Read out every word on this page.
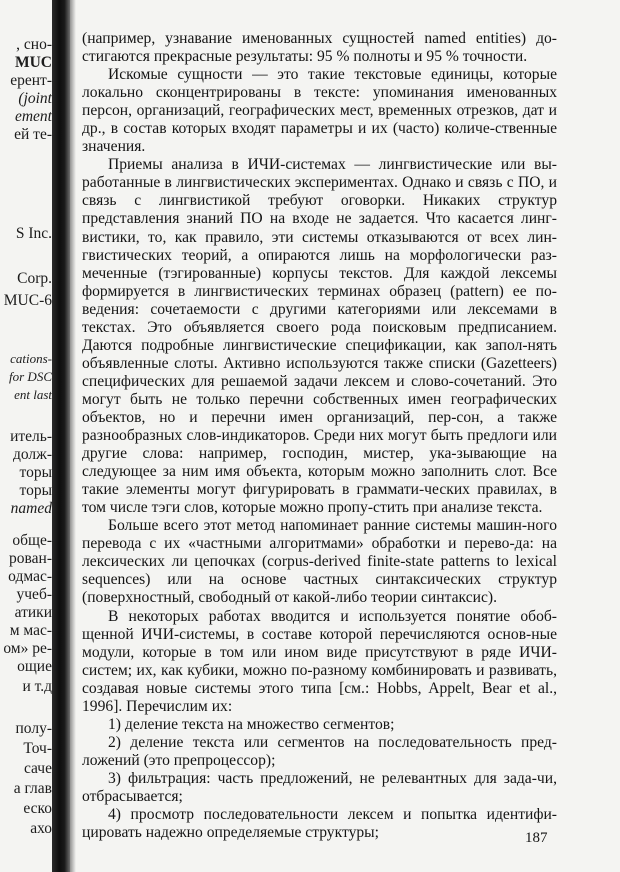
, сно-
MUC
ерент-
(joint
ement
ей те-
S Inc.
Corp.
MUC-6
cations-
for DSC
ent last
итель-
долж-
торы
торы
named
обще-
рован-
одмас-
учеб-
атики
м мас-
ом» ре-
ощие
и т.д
полу-
Точ-
саче
а глав
еско
ахо

(например, узнавание именованных сущностей named entities) до-стигаются прекрасные результаты: 95 % полноты и 95 % точности.

Искомые сущности — это такие текстовые единицы, которые локально сконцентрированы в тексте: упоминания именованных персон, организаций, географических мест, временных отрезков, дат и др., в состав которых входят параметры и их (часто) количе-ственные значения.

Приемы анализа в ИЧИ-системах — лингвистические или вы-работанные в лингвистических экспериментах. Однако и связь с ПО, и связь с лингвистикой требуют оговорки. Никаких структур представления знаний ПО на входе не задается. Что касается линг-вистики, то, как правило, эти системы отказываются от всех лин-гвистических теорий, а опираются лишь на морфологически раз-меченные (тэгированные) корпусы текстов. Для каждой лексемы формируется в лингвистических терминах образец (pattern) ее по-ведения: сочетаемости с другими категориями или лексемами в текстах. Это объявляется своего рода поисковым предписанием. Даются подробные лингвистические спецификации, как запол-нять объявленные слоты. Активно используются также списки (Gazetteers) специфических для решаемой задачи лексем и слово-сочетаний. Это могут быть не только перечни собственных имен географических объектов, но и перечни имен организаций, пер-сон, а также разнообразных слов-индикаторов. Среди них могут быть предлоги или другие слова: например, господин, мистер, ука-зывающие на следующее за ним имя объекта, которым можно заполнить слот. Все такие элементы могут фигурировать в граммати-ческих правилах, в том числе тэги слов, которые можно пропу-стить при анализе текста.

Больше всего этот метод напоминает ранние системы машин-ного перевода с их «частными алгоритмами» обработки и перево-да: на лексических ли цепочках (corpus-derived finite-state patterns to lexical sequences) или на основе частных синтаксических структур (поверхностный, свободный от какой-либо теории синтаксис).

В некоторых работах вводится и используется понятие обоб-щенной ИЧИ-системы, в составе которой перечисляются основ-ные модули, которые в том или ином виде присутствуют в ряде ИЧИ-систем; их, как кубики, можно по-разному комбинировать и развивать, создавая новые системы этого типа [см.: Hobbs, Appelt, Bear et al., 1996]. Перечислим их:

1) деление текста на множество сегментов;

2) деление текста или сегментов на последовательность пред-ложений (это препроцессор);

3) фильтрация: часть предложений, не релевантных для зада-чи, отбрасывается;

4) просмотр последовательности лексем и попытка идентифи-цировать надежно определяемые структуры;	187
